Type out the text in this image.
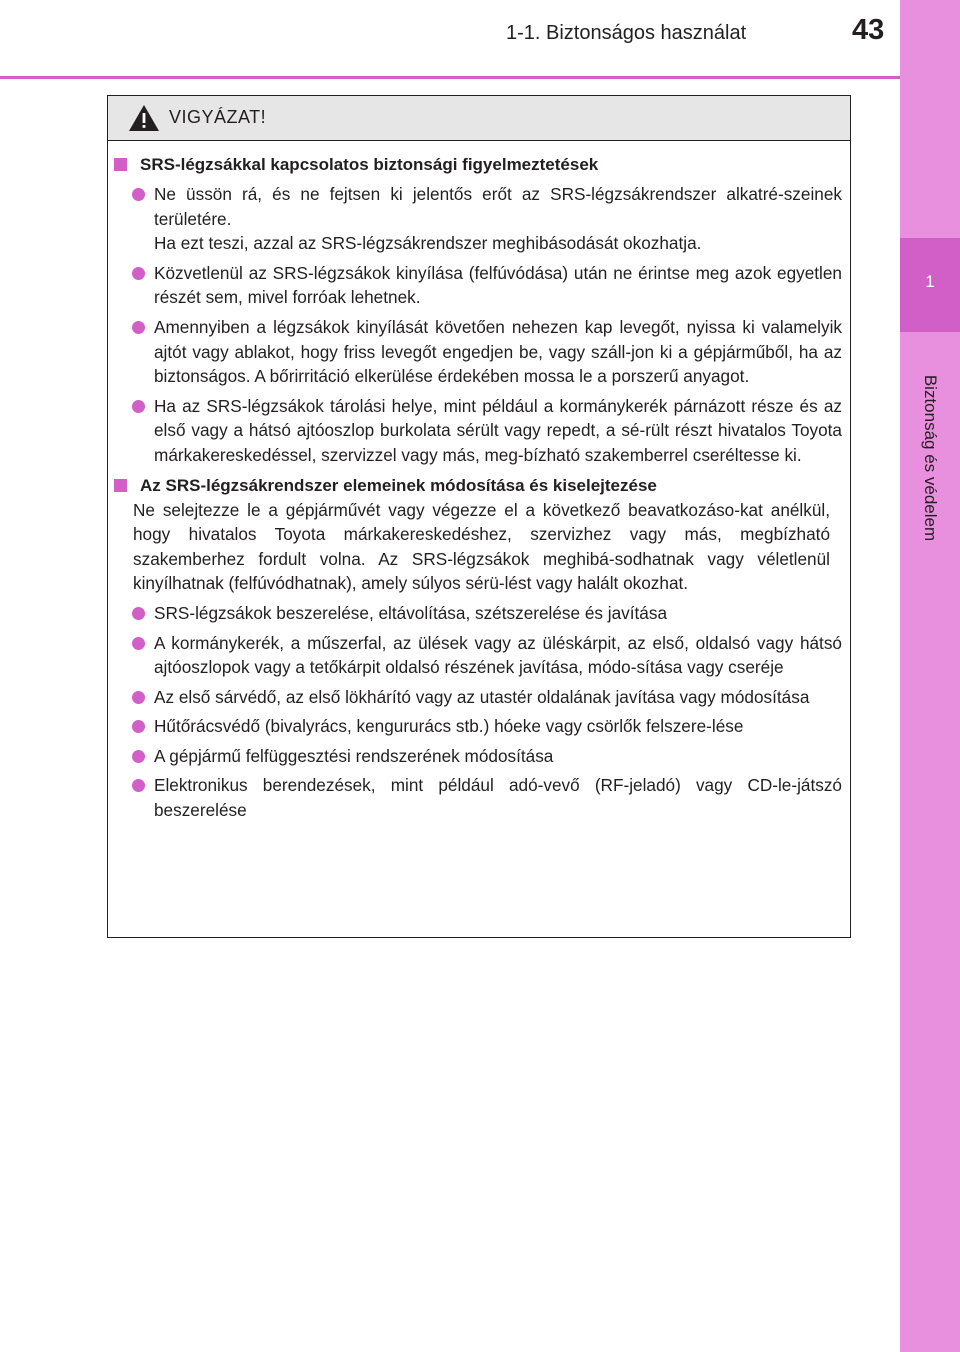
1-1. Biztonságos használat	43
1
Biztonság és védelem
VIGYÁZAT!
SRS-légzsákkal kapcsolatos biztonsági figyelmeztetések
Ne üssön rá, és ne fejtsen ki jelentős erőt az SRS-légzsákrendszer alkatré-szeinek területére.
Ha ezt teszi, azzal az SRS-légzsákrendszer meghibásodását okozhatja.
Közvetlenül az SRS-légzsákok kinyílása (felfúvódása) után ne érintse meg azok egyetlen részét sem, mivel forróak lehetnek.
Amennyiben a légzsákok kinyílását követően nehezen kap levegőt, nyissa ki valamelyik ajtót vagy ablakot, hogy friss levegőt engedjen be, vagy száll-jon ki a gépjárműből, ha az biztonságos. A bőrirritáció elkerülése érdekében mossa le a porszerű anyagot.
Ha az SRS-légzsákok tárolási helye, mint például a kormánykerék párnázott része és az első vagy a hátsó ajtóoszlop burkolata sérült vagy repedt, a sé-rült részt hivatalos Toyota márkakereskedéssel, szervizzel vagy más, meg-bízható szakemberrel cseréltesse ki.
Az SRS-légzsákrendszer elemeinek módosítása és kiselejtezése
Ne selejtezze le a gépjárművét vagy végezze el a következő beavatkozáso-kat anélkül, hogy hivatalos Toyota márkakereskedéshez, szervizhez vagy más, megbízható szakemberhez fordult volna. Az SRS-légzsákok meghibá-sodhatnak vagy véletlenül kinyílhatnak (felfúvódhatnak), amely súlyos sérü-lést vagy halált okozhat.
SRS-légzsákok beszerelése, eltávolítása, szétszerelése és javítása
A kormánykerék, a műszerfal, az ülések vagy az üléskárpit, az első, oldalsó vagy hátsó ajtóoszlopok vagy a tetőkárpit oldalsó részének javítása, módo-sítása vagy cseréje
Az első sárvédő, az első lökhárító vagy az utastér oldalának javítása vagy módosítása
Hűtőrácsvédő (bivalyrács, kengururács stb.) hóeke vagy csörlők felszere-lése
A gépjármű felfüggesztési rendszerének módosítása
Elektronikus berendezések, mint például adó-vevő (RF-jeladó) vagy CD-le-játszó beszerelése
